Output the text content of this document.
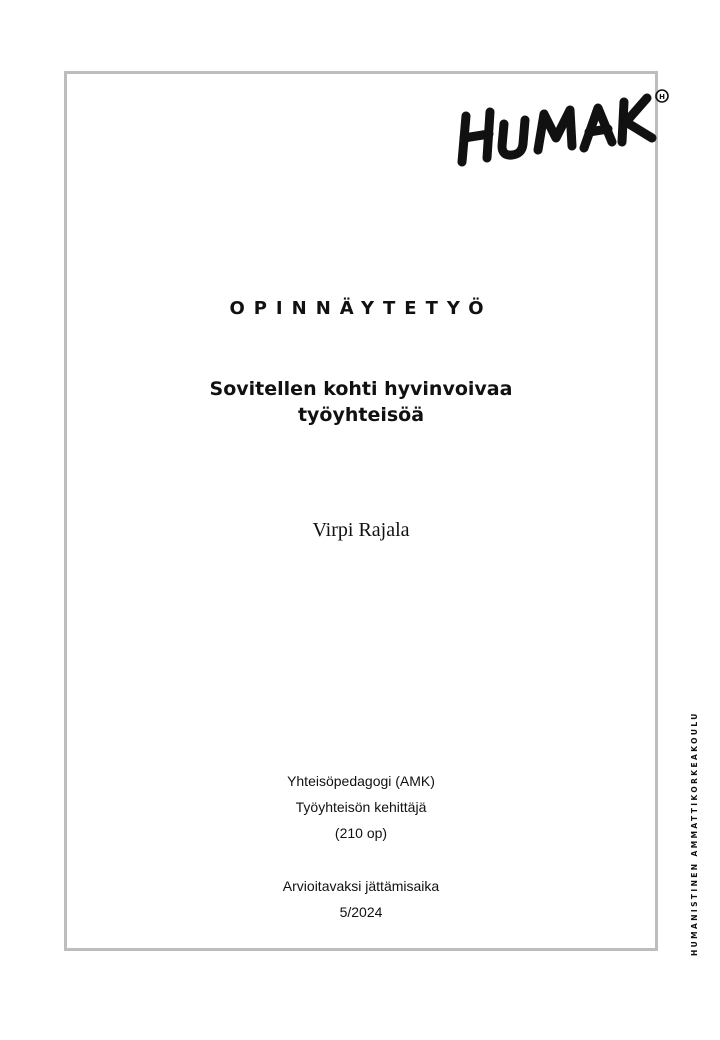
H
OPINNÄYTETYÖ
Sovitellen kohti hyvinvoivaa
työyhteisöä
Virpi Rajala
Yhteisöpedagogi (AMK)
Työyhteisön kehittäjä
(210 op)
Arvioitavaksi jättämisaika
5/2024	HUMANISTINEN AMMATTIKORKEAKOULU
